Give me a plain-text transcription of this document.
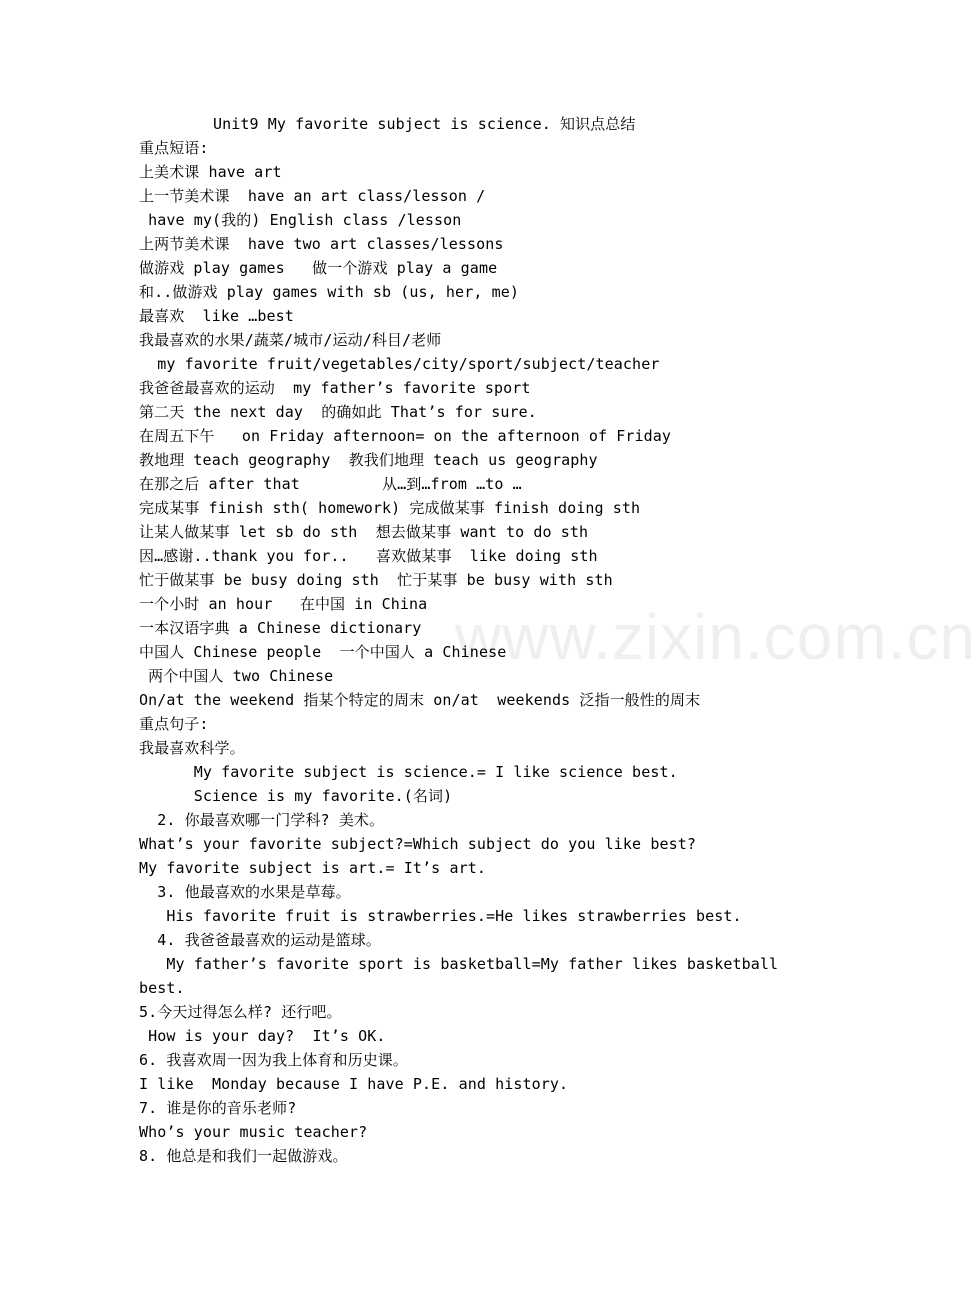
www.zixin.com.cn
Unit9 My favorite subject is science. 知识点总结
重点短语:
上美术课 have art
上一节美术课  have an art class/lesson /
have my(我的) English class /lesson
上两节美术课  have two art classes/lessons
做游戏 play games   做一个游戏 play a game
和..做游戏 play games with sb (us, her, me)
最喜欢  like …best
我最喜欢的水果/蔬菜/城市/运动/科目/老师
my favorite fruit/vegetables/city/sport/subject/teacher
我爸爸最喜欢的运动  my father’s favorite sport
第二天 the next day  的确如此 That’s for sure.
在周五下午   on Friday afternoon= on the afternoon of Friday
教地理 teach geography  教我们地理 teach us geography
在那之后 after that         从…到…from …to …
完成某事 finish sth( homework) 完成做某事 finish doing sth
让某人做某事 let sb do sth  想去做某事 want to do sth
因…感谢..thank you for..   喜欢做某事  like doing sth
忙于做某事 be busy doing sth  忙于某事 be busy with sth
一个小时 an hour   在中国 in China
一本汉语字典 a Chinese dictionary
中国人 Chinese people  一个中国人 a Chinese
两个中国人 two Chinese
On/at the weekend 指某个特定的周末 on/at  weekends 泛指一般性的周末
重点句子:
我最喜欢科学。
My favorite subject is science.= I like science best.
Science is my favorite.(名词)
2. 你最喜欢哪一门学科? 美术。
What’s your favorite subject?=Which subject do you like best?
My favorite subject is art.= It’s art.
3. 他最喜欢的水果是草莓。
His favorite fruit is strawberries.=He likes strawberries best.
4. 我爸爸最喜欢的运动是篮球。
My father’s favorite sport is basketball=My father likes basketball
best.
5.今天过得怎么样? 还行吧。
How is your day?  It’s OK.
6. 我喜欢周一因为我上体育和历史课。
I like  Monday because I have P.E. and history.
7. 谁是你的音乐老师?
Who’s your music teacher?
8. 他总是和我们一起做游戏。
